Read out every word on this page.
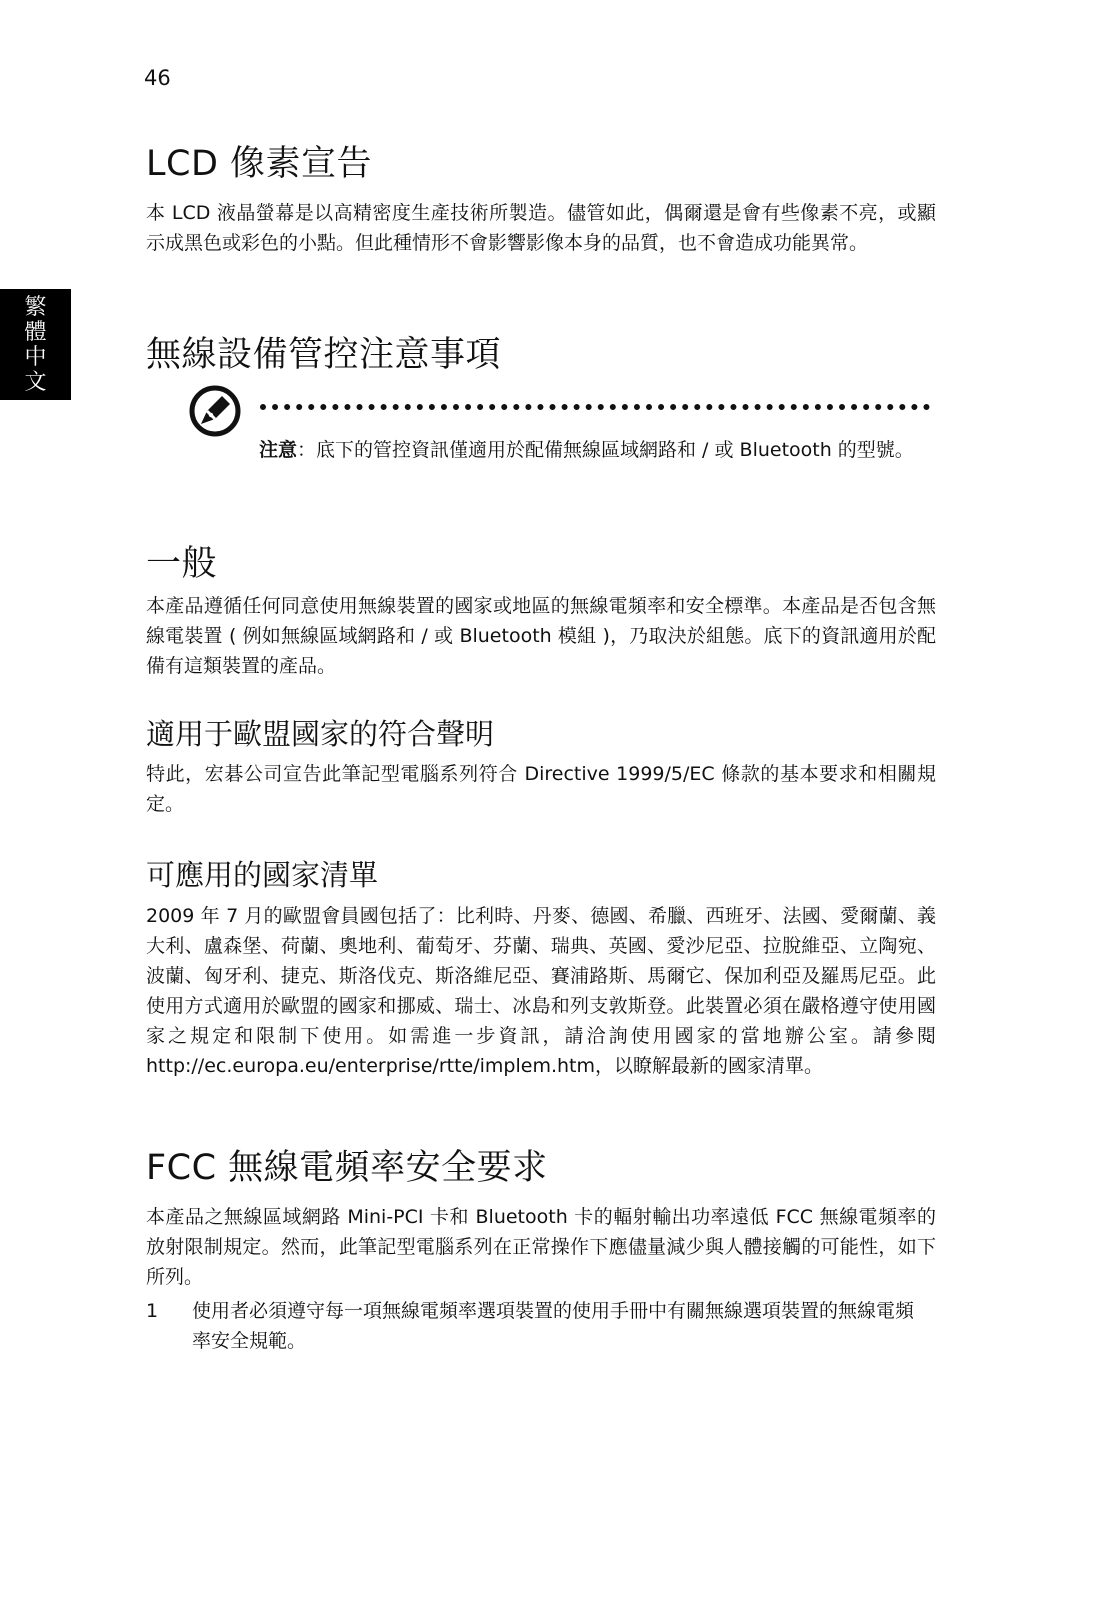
46
繁
體
中
文
LCD 像素宣告

本 LCD 液晶螢幕是以高精密度生產技術所製造。儘管如此，偶爾還是會有些像素不亮，或顯示成黑色或彩色的小點。但此種情形不會影響影像本身的品質，也不會造成功能異常。

無線設備管控注意事項

注意：底下的管控資訊僅適用於配備無線區域網路和 / 或 Bluetooth 的型號。

一般

本產品遵循任何同意使用無線裝置的國家或地區的無線電頻率和安全標準。本產品是否包含無線電裝置 ( 例如無線區域網路和 / 或 Bluetooth 模組 )，乃取決於組態。底下的資訊適用於配備有這類裝置的產品。

適用于歐盟國家的符合聲明

特此，宏碁公司宣告此筆記型電腦系列符合 Directive 1999/5/EC 條款的基本要求和相關規定。

可應用的國家清單

2009 年 7 月的歐盟會員國包括了：比利時、丹麥、德國、希臘、西班牙、法國、愛爾蘭、義大利、盧森堡、荷蘭、奧地利、葡萄牙、芬蘭、瑞典、英國、愛沙尼亞、拉脫維亞、立陶宛、波蘭、匈牙利、捷克、斯洛伐克、斯洛維尼亞、賽浦路斯、馬爾它、保加利亞及羅馬尼亞。此使用方式適用於歐盟的國家和挪威、瑞士、冰島和列支敦斯登。此裝置必須在嚴格遵守使用國家之規定和限制下使用。如需進一步資訊，請洽詢使用國家的當地辦公室。請參閱 http://ec.europa.eu/enterprise/rtte/implem.htm，以瞭解最新的國家清單。

FCC 無線電頻率安全要求

本產品之無線區域網路 Mini-PCI 卡和 Bluetooth 卡的輻射輸出功率遠低 FCC 無線電頻率的放射限制規定。然而，此筆記型電腦系列在正常操作下應儘量減少與人體接觸的可能性，如下所列。

1 使用者必須遵守每一項無線電頻率選項裝置的使用手冊中有關無線選項裝置的無線電頻率安全規範。
